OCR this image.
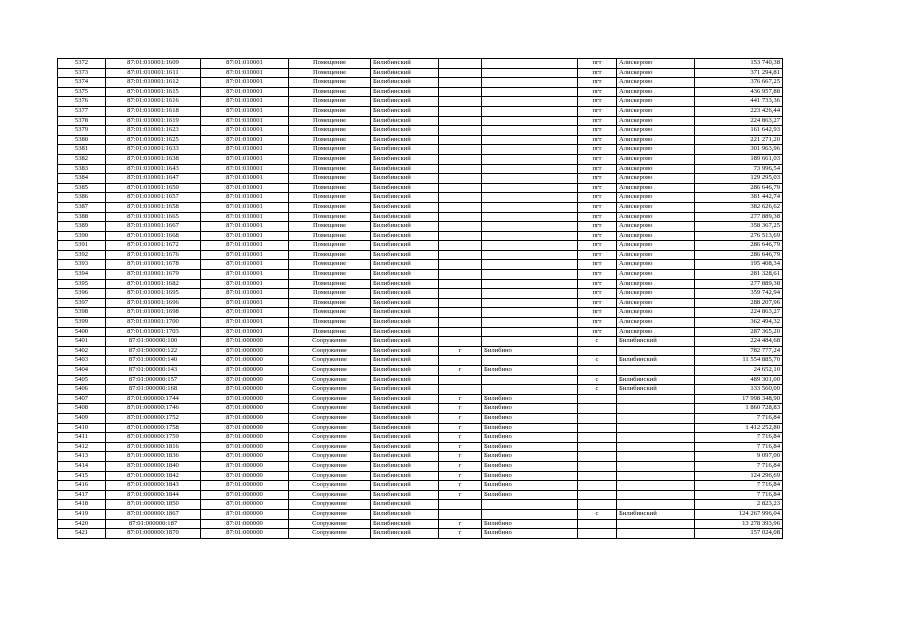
5372	87:01:010001:1609	87:01:010001	Помещение	Билибинский			пгт	Алискерово	153 740,38
5373	87:01:010001:1611	87:01:010001	Помещение	Билибинский			пгт	Алискерово	371 294,81
5374	87:01:010001:1612	87:01:010001	Помещение	Билибинский			пгт	Алискерово	376 667,25
5375	87:01:010001:1615	87:01:010001	Помещение	Билибинский			пгт	Алискерово	436 957,88
5376	87:01:010001:1616	87:01:010001	Помещение	Билибинский			пгт	Алискерово	441 733,36
5377	87:01:010001:1618	87:01:010001	Помещение	Билибинский			пгт	Алискерово	223 426,44
5378	87:01:010001:1619	87:01:010001	Помещение	Билибинский			пгт	Алискерово	224 863,27
5379	87:01:010001:1623	87:01:010001	Помещение	Билибинский			пгт	Алискерово	161 642,93
5380	87:01:010001:1625	87:01:010001	Помещение	Билибинский			пгт	Алискерово	221 271,20
5381	87:01:010001:1633	87:01:010001	Помещение	Билибинский			пгт	Алискерово	301 963,96
5382	87:01:010001:1638	87:01:010001	Помещение	Билибинский			пгт	Алискерово	189 661,03
5383	87:01:010001:1643	87:01:010001	Помещение	Билибинский			пгт	Алискерово	73 996,54
5384	87:01:010001:1647	87:01:010001	Помещение	Билибинский			пгт	Алискерово	129 295,03
5385	87:01:010001:1650	87:01:010001	Помещение	Билибинский			пгт	Алискерово	286 646,79
5386	87:01:010001:1657	87:01:010001	Помещение	Билибинский			пгт	Алискерово	381 442,74
5387	87:01:010001:1658	87:01:010001	Помещение	Билибинский			пгт	Алискерово	382 626,62
5388	87:01:010001:1665	87:01:010001	Помещение	Билибинский			пгт	Алискерово	277 889,38
5389	87:01:010001:1667	87:01:010001	Помещение	Билибинский			пгт	Алискерово	358 367,25
5390	87:01:010001:1668	87:01:010001	Помещение	Билибинский			пгт	Алискерово	276 513,69
5391	87:01:010001:1672	87:01:010001	Помещение	Билибинский			пгт	Алискерово	286 646,79
5392	87:01:010001:1676	87:01:010001	Помещение	Билибинский			пгт	Алискерово	286 646,79
5393	87:01:010001:1678	87:01:010001	Помещение	Билибинский			пгт	Алискерово	195 408,34
5394	87:01:010001:1679	87:01:010001	Помещение	Билибинский			пгт	Алискерово	281 328,61
5395	87:01:010001:1682	87:01:010001	Помещение	Билибинский			пгт	Алискерово	277 889,38
5396	87:01:010001:1695	87:01:010001	Помещение	Билибинский			пгт	Алискерово	359 742,94
5397	87:01:010001:1696	87:01:010001	Помещение	Билибинский			пгт	Алискерово	288 207,96
5398	87:01:010001:1698	87:01:010001	Помещение	Билибинский			пгт	Алискерово	224 863,27
5399	87:01:010001:1700	87:01:010001	Помещение	Билибинский			пгт	Алискерово	362 494,32
5400	87:01:010001:1703	87:01:010001	Помещение	Билибинский			пгт	Алискерово	287 365,20
5401	87:01:000000:100	87:01:000000	Сооружение	Билибинский			с	Билибинский	224 484,68
5402	87:01:000000:122	87:01:000000	Сооружение	Билибинский	г	Билибино			782 777,24
5403	87:01:000000:140	87:01:000000	Сооружение	Билибинский			с	Билибинский	11 554 885,70
5404	87:01:000000:143	87:01:000000	Сооружение	Билибинский	г	Билибино			24 652,10
5405	87:01:000000:157	87:01:000000	Сооружение	Билибинский			с	Билибинский	489 301,00
5406	87:01:000000:168	87:01:000000	Сооружение	Билибинский			с	Билибинский	133 560,00
5407	87:01:000000:1744	87:01:000000	Сооружение	Билибинский	г	Билибино			17 998 348,90
5408	87:01:000000:1746	87:01:000000	Сооружение	Билибинский	г	Билибино			1 860 728,83
5409	87:01:000000:1752	87:01:000000	Сооружение	Билибинский	г	Билибино			7 716,84
5410	87:01:000000:1758	87:01:000000	Сооружение	Билибинский	г	Билибино			1 412 252,80
5411	87:01:000000:1759	87:01:000000	Сооружение	Билибинский	г	Билибино			7 716,84
5412	87:01:000000:1816	87:01:000000	Сооружение	Билибинский	г	Билибино			7 716,84
5413	87:01:000000:1836	87:01:000000	Сооружение	Билибинский	г	Билибино			9 097,00
5414	87:01:000000:1840	87:01:000000	Сооружение	Билибинский	г	Билибино			7 716,84
5415	87:01:000000:1842	87:01:000000	Сооружение	Билибинский	г	Билибино			124 296,69
5416	87:01:000000:1843	87:01:000000	Сооружение	Билибинский	г	Билибино			7 716,84
5417	87:01:000000:1844	87:01:000000	Сооружение	Билибинский	г	Билибино			7 716,84
5418	87:01:000000:1850	87:01:000000	Сооружение	Билибинский					2 823,23
5419	87:01:000000:1867	87:01:000000	Сооружение	Билибинский			с	Билибинский	124 267 996,04
5420	87:01:000000:187	87:01:000000	Сооружение	Билибинский	г	Билибино			13 278 393,96
5421	87:01:000000:1870	87:01:000000	Сооружение	Билибинский	г	Билибино			157 024,08
